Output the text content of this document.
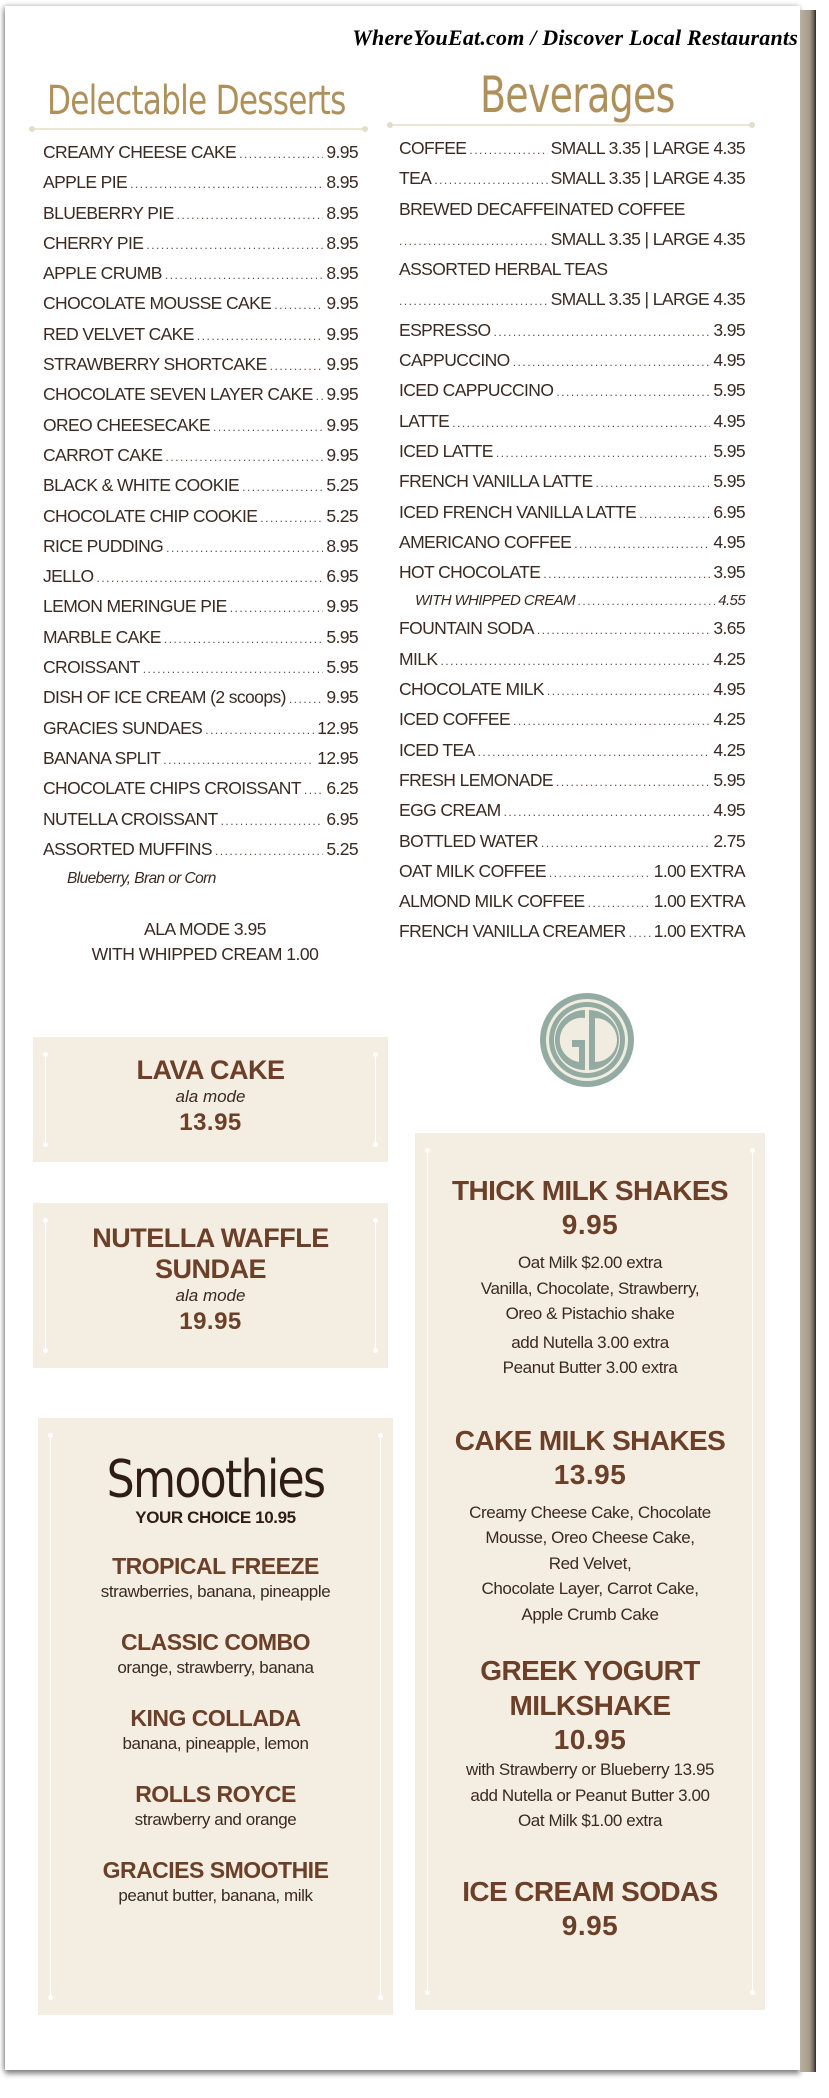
WhereYouEat.com / Discover Local Restaurants
Delectable Desserts
CREAMY CHEESE CAKE .....	9.95
APPLE PIE .....	8.95
BLUEBERRY PIE .....	8.95
CHERRY PIE .....	8.95
APPLE CRUMB .....	8.95
CHOCOLATE MOUSSE CAKE .....	9.95
RED VELVET CAKE .....	9.95
STRAWBERRY SHORTCAKE .....	9.95
CHOCOLATE SEVEN LAYER CAKE ..... 9.95
OREO CHEESECAKE .....	9.95
CARROT CAKE .....	9.95
BLACK & WHITE COOKIE .....	5.25
CHOCOLATE CHIP COOKIE .....	5.25
RICE PUDDING .....	8.95
JELLO .....	6.95
LEMON MERINGUE PIE .....	9.95
MARBLE CAKE .....	5.95
CROISSANT .....	5.95
DISH OF ICE CREAM (2 scoops) ..... 9.95
GRACIES SUNDAES .....	12.95
BANANA SPLIT .....	12.95
CHOCOLATE CHIPS CROISSANT ..... 6.25
NUTELLA CROISSANT .....	6.95
ASSORTED MUFFINS .....	5.25
Blueberry, Bran or Corn
ALA MODE 3.95
WITH WHIPPED CREAM 1.00
Beverages
COFFEE .....	SMALL 3.35 | LARGE 4.35
TEA .....	SMALL 3.35 | LARGE 4.35
BREWED DECAFFEINATED COFFEE
.....
SMALL 3.35 | LARGE 4.35
ASSORTED HERBAL TEAS
.....
SMALL 3.35 | LARGE 4.35
ESPRESSO .....	3.95
CAPPUCCINO .....	4.95
ICED CAPPUCCINO .....	5.95
LATTE .....	4.95
ICED LATTE .....	5.95
FRENCH VANILLA LATTE .....	5.95
ICED FRENCH VANILLA LATTE .....	6.95
AMERICANO COFFEE .....	4.95
HOT CHOCOLATE .....	3.95
WITH WHIPPED CREAM .....	4.55
FOUNTAIN SODA .....	3.65
MILK .....	4.25
CHOCOLATE MILK .....	4.95
ICED COFFEE .....	4.25
ICED TEA .....	4.25
FRESH LEMONADE .....	5.95
EGG CREAM .....	4.95
BOTTLED WATER .....	2.75
OAT MILK COFFEE .....	1.00 EXTRA
ALMOND MILK COFFEE .....	1.00 EXTRA
FRENCH VANILLA CREAMER ..... 1.00 EXTRA
LAVA CAKE
ala mode
13.95
NUTELLA WAFFLE
SUNDAE
ala mode
19.95
Smoothies
YOUR CHOICE 10.95
TROPICAL FREEZE
strawberries, banana, pineapple
CLASSIC COMBO
orange, strawberry, banana
KING COLLADA
banana, pineapple, lemon
ROLLS ROYCE
strawberry and orange
GRACIES SMOOTHIE
peanut butter, banana, milk
THICK MILK SHAKES
9.95
Oat Milk $2.00 extra
Vanilla, Chocolate, Strawberry,
Oreo & Pistachio shake
add Nutella 3.00 extra
Peanut Butter 3.00 extra
CAKE MILK SHAKES
13.95
Creamy Cheese Cake, Chocolate
Mousse, Oreo Cheese Cake,
Red Velvet,
Chocolate Layer, Carrot Cake,
Apple Crumb Cake
GREEK YOGURT
MILKSHAKE
10.95
with Strawberry or Blueberry 13.95
add Nutella or Peanut Butter 3.00
Oat Milk $1.00 extra
ICE CREAM SODAS
9.95
